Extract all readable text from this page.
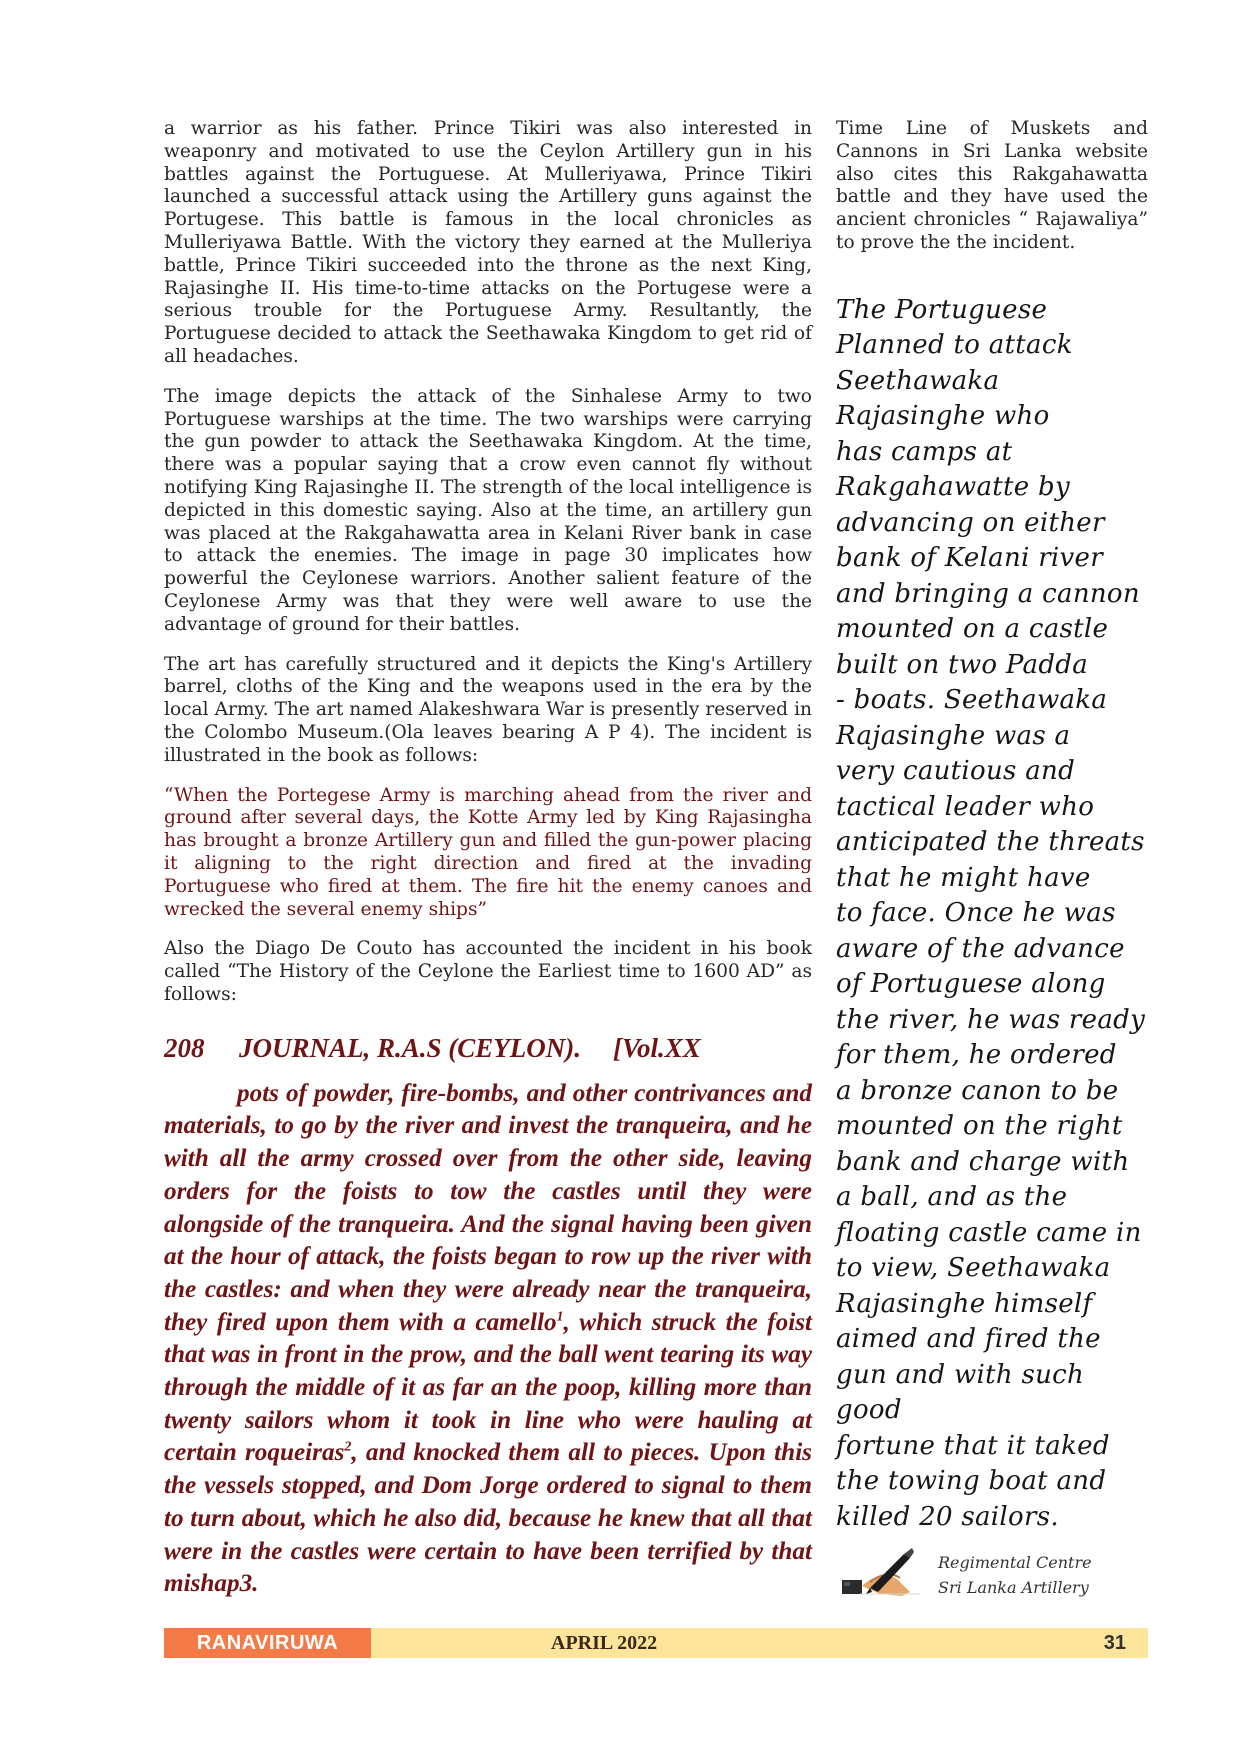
a warrior as his father. Prince Tikiri was also interested in weaponry and motivated to use the Ceylon Artillery gun in his battles against the Portuguese. At Mulleriyawa, Prince Tikiri launched a successful attack using the Artillery guns against the Portugese. This battle is famous in the local chronicles as Mulleriyawa Battle. With the victory they earned at the Mulleriya battle, Prince Tikiri succeeded into the throne as the next King, Rajasinghe II. His time-to-time attacks on the Portugese were a serious trouble for the Portuguese Army. Resultantly, the Portuguese decided to attack the Seethawaka Kingdom to get rid of all headaches.

The image depicts the attack of the Sinhalese Army to two Portuguese warships at the time. The two warships were carrying the gun powder to attack the Seethawaka Kingdom. At the time, there was a popular saying that a crow even cannot fly without notifying King Rajasinghe II. The strength of the local intelligence is depicted in this domestic saying. Also at the time, an artillery gun was placed at the Rakgahawatta area in Kelani River bank in case to attack the enemies. The image in page 30 implicates how powerful the Ceylonese warriors. Another salient feature of the Ceylonese Army was that they were well aware to use the advantage of ground for their battles.

The art has carefully structured and it depicts the King's Artillery barrel, cloths of the King and the weapons used in the era by the local Army. The art named Alakeshwara War is presently reserved in the Colombo Museum.(Ola leaves bearing A P 4). The incident is illustrated in the book as follows:

“When the Portegese Army is marching ahead from the river and ground after several days, the Kotte Army led by King Rajasingha has brought a bronze Artillery gun and filled the gun-power placing it aligning to the right direction and fired at the invading Portuguese who fired at them. The fire hit the enemy canoes and wrecked the several enemy ships”

Also the Diago De Couto has accounted the incident in his book called “The History of the Ceylone the Earliest time to 1600 AD” as follows:

208 JOURNAL, R.A.S (CEYLON). [Vol.XX

pots of powder, fire-bombs, and other contrivances and materials, to go by the river and invest the tranqueira, and he with all the army crossed over from the other side, leaving orders for the foists to tow the castles until they were alongside of the tranqueira. And the signal having been given at the hour of attack, the foists began to row up the river with the castles: and when they were already near the tranqueira, they fired upon them with a camello$^1$, which struck the foist that was in front in the prow, and the ball went tearing its way through the middle of it as far an the poop, killing more than twenty sailors whom it took in line who were hauling at certain roqueiras$^2$, and knocked them all to pieces. Upon this the vessels stopped, and Dom Jorge ordered to signal to them to turn about, which he also did, because he knew that all that were in the castles were certain to have been terrified by that mishap3.

Time Line of Muskets and Cannons in Sri Lanka website also cites this Rakgahawatta battle and they have used the ancient chronicles “ Rajawaliya” to prove the the incident.

The Portuguese
Planned to attack
Seethawaka
Rajasinghe who
has camps at
Rakgahawatte by
advancing on either
bank of Kelani river
and bringing a cannon
mounted on a castle
built on two Padda
- boats. Seethawaka
Rajasinghe was a
very cautious and
tactical leader who
anticipated the threats
that he might have
to face. Once he was
aware of the advance
of Portuguese along
the river, he was ready
for them, he ordered
a bronze canon to be
mounted on the right
bank and charge with
a ball, and as the
floating castle came in
to view, Seethawaka
Rajasinghe himself
aimed and fired the
gun and with such good
fortune that it taked
the towing boat and
killed 20 sailors.
Regimental Centre
Sri Lanka Artillery
RANAVIRUWA	APRIL 2022	31
